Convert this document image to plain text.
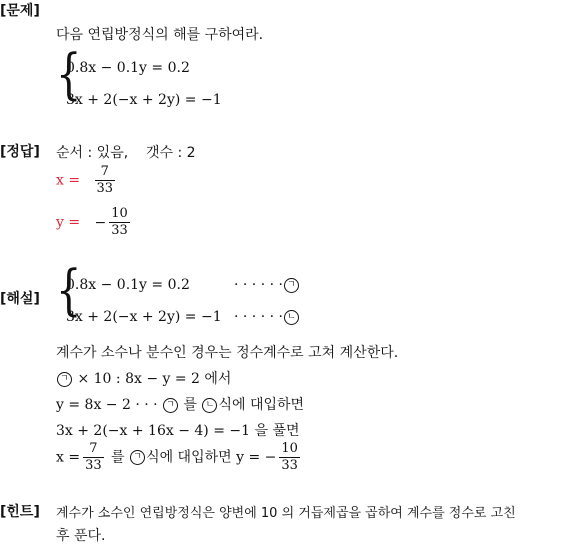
[문제]
다음 연립방정식의 해를 구하여라.
{
0.8x − 0.1y = 0.2
3x + 2(−x + 2y) = −1
[정답] 순서 : 있음, 갯수 : 2
$x = \frac{7}{33}$
y = − $\frac{10}{33}$
[해설] {
0.8x − 0.1y = 0.2	· · · · · · ㄱ
3x + 2(−x + 2y) = −1 · · · · · · ㄴ
계수가 소수나 분수인 경우는 정수계수로 고쳐 계산한다.
ㄱ × 10 : 8x − y = 2 에서
y = 8x − 2 · · · ㄱ 를 ㄴ 식에 대입하면
3x + 2(−x + 16x − 4) = −1 을 풀면
$x = \frac{7}{33}$ 를 ㄱ 식에 대입하면 y = − $\frac{10}{33}$
[힌트] 계수가 소수인 연립방정식은 양변에 10 의 거듭제곱을 곱하여 계수를 정수로 고친
후 푼다.
